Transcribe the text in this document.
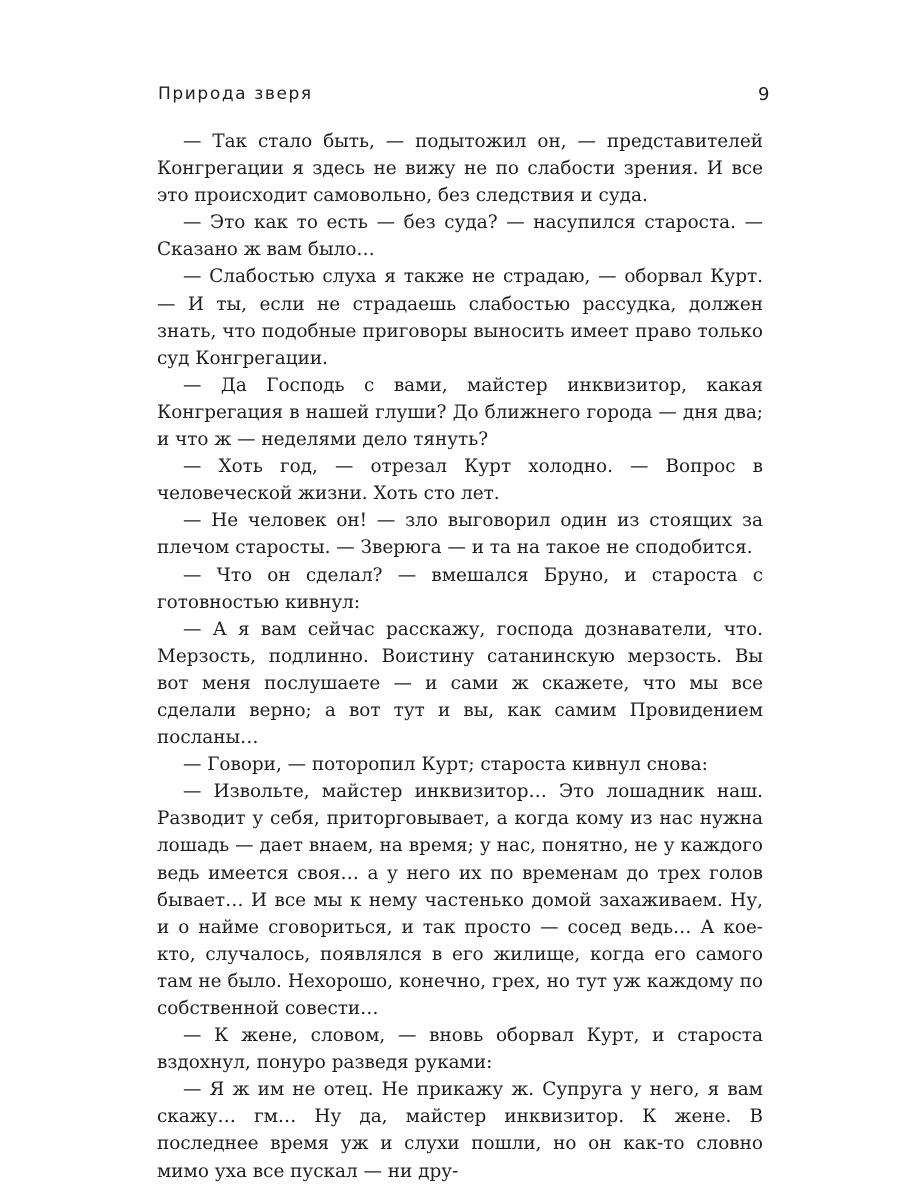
Природа зверя	9

— Так стало быть, — подытожил он, — представителей Конгрегации я здесь не вижу не по слабости зрения. И все это происходит самовольно, без следствия и суда.

— Это как то есть — без суда? — насупился староста. — Сказано ж вам было…

— Слабостью слуха я также не страдаю, — оборвал Курт. — И ты, если не страдаешь слабостью рассудка, должен знать, что подобные приговоры выносить имеет право только суд Конгрегации.

— Да Господь с вами, майстер инквизитор, какая Конгрегация в нашей глуши? До ближнего города — дня два; и что ж — неделями дело тянуть?

— Хоть год, — отрезал Курт холодно. — Вопрос в человеческой жизни. Хоть сто лет.

— Не человек он! — зло выговорил один из стоящих за плечом старосты. — Зверюга — и та на такое не сподобится.

— Что он сделал? — вмешался Бруно, и староста с готовностью кивнул:

— А я вам сейчас расскажу, господа дознаватели, что. Мерзость, подлинно. Воистину сатанинскую мерзость. Вы вот меня послушаете — и сами ж скажете, что мы все сделали верно; а вот тут и вы, как самим Провидением посланы…

— Говори, — поторопил Курт; староста кивнул снова:

— Извольте, майстер инквизитор… Это лошадник наш. Разводит у себя, приторговывает, а когда кому из нас нужна лошадь — дает внаем, на время; у нас, понятно, не у каждого ведь имеется своя… а у него их по временам до трех голов бывает… И все мы к нему частенько домой захаживаем. Ну, и о найме сговориться, и так просто — сосед ведь… А кое-кто, случалось, появлялся в его жилище, когда его самого там не было. Нехорошо, конечно, грех, но тут уж каждому по собственной совести…

— К жене, словом, — вновь оборвал Курт, и староста вздохнул, понуро разведя руками:

— Я ж им не отец. Не прикажу ж. Супруга у него, я вам скажу… гм… Ну да, майстер инквизитор. К жене. В последнее время уж и слухи пошли, но он как-то словно мимо уха все пускал — ни дру-
